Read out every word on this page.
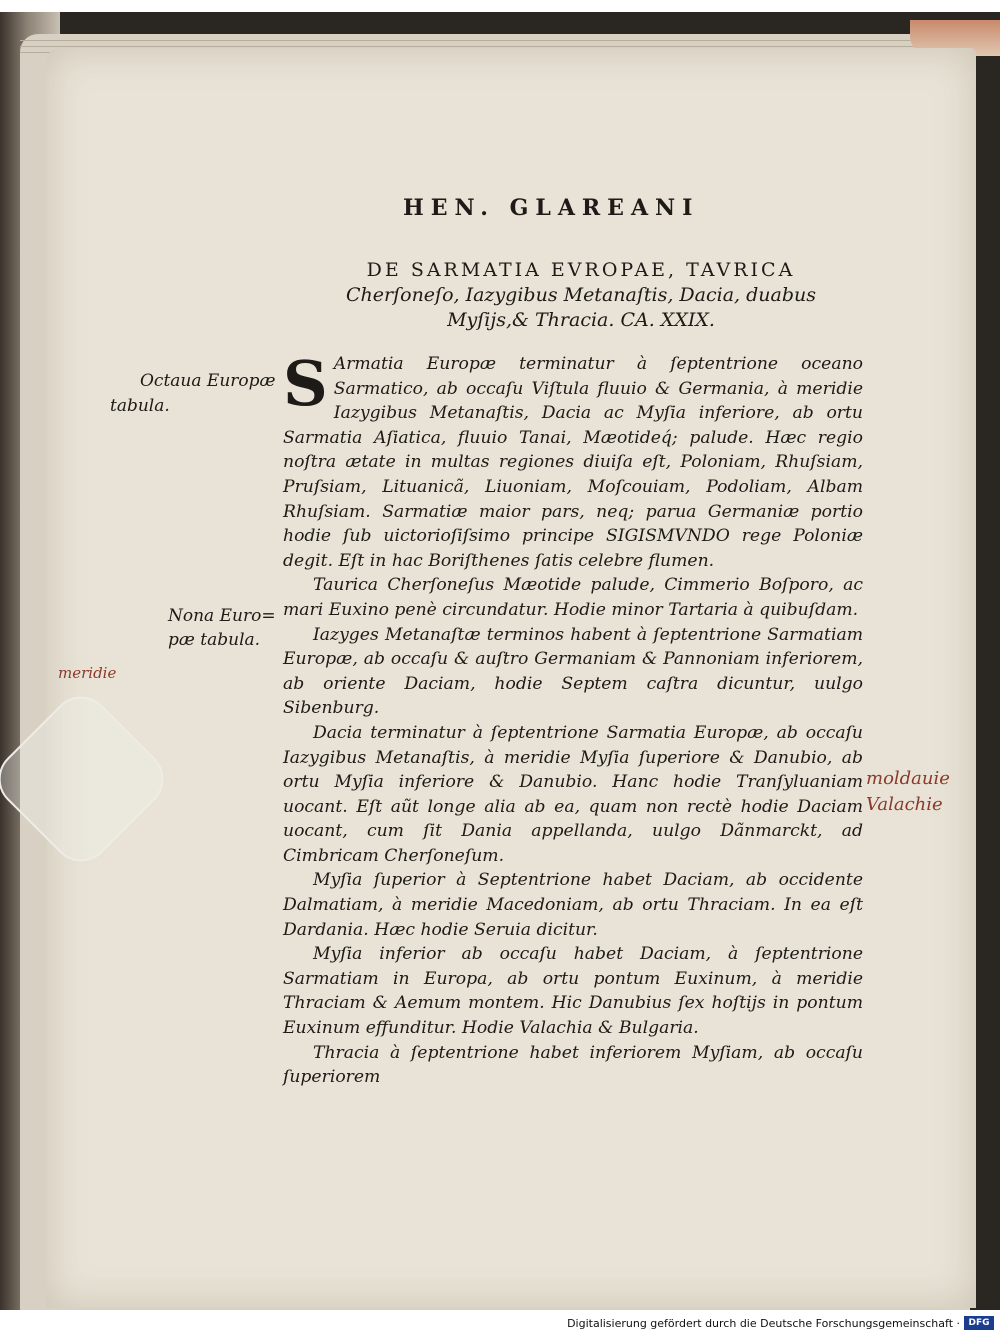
HEN. GLAREANI
DE SARMATIA EVROPAE, TAVRICA
Cherſoneſo, Iazygibus Metanaſtis, Dacia, duabus
Myſijs,& Thracia. CA. XXIX.
Octaua Europæ
tabula.
Nona Euro=
pæ tabula.
meridie
moldauie
Valachie

S Armatia Europæ terminatur à ſeptentrione oceano Sarmatico, ab occaſu Viſtula fluuio & Germania, à meridie Iazygibus Metanaſtis, Dacia ac Myſia inferiore, ab ortu Sarmatia Aſiatica, fluuio Tanai, Mæotideq́; palude. Hæc regio noſtra ætate in multas regiones diuiſa eſt, Poloniam, Rhuſsiam, Pruſsiam, Lituanicã, Liuoniam, Moſcouiam, Podoliam, Albam Rhuſsiam. Sarmatiæ maior pars, neq; parua Germaniæ portio hodie ſub uictorioſiſsimo principe SIGISMVNDO rege Poloniæ degit. Eſt in hac Boriſthenes ſatis celebre flumen.

Taurica Cherſoneſus Mæotide palude, Cimmerio Boſporo, ac mari Euxino penè circundatur. Hodie minor Tartaria à quibuſdam.

Iazyges Metanaſtæ terminos habent à ſeptentrione Sarmatiam Europæ, ab occaſu & auſtro Germaniam & Pannoniam inferiorem, ab oriente Daciam, hodie Septem caſtra dicuntur, uulgo Sibenburg.

Dacia terminatur à ſeptentrione Sarmatia Europæ, ab occaſu Iazygibus Metanaſtis, à meridie Myſia ſuperiore & Danubio, ab ortu Myſia inferiore & Danubio. Hanc hodie Tranſyluaniam uocant. Eſt aũt longe alia ab ea, quam non rectè hodie Daciam uocant, cum ſit Dania appellanda, uulgo Dãnmarckt, ad Cimbricam Cherſoneſum.

Myſia ſuperior à Septentrione habet Daciam, ab occidente Dalmatiam, à meridie Macedoniam, ab ortu Thraciam. In ea eſt Dardania. Hæc hodie Seruia dicitur.

Myſia inferior ab occaſu habet Daciam, à ſeptentrione Sarmatiam in Europa, ab ortu pontum Euxinum, à meridie Thraciam & Aemum montem. Hic Danubius ſex hoſtijs in pontum Euxinum effunditur. Hodie Valachia & Bulgaria.

Thracia à ſeptentrione habet inferiorem Myſiam, ab occaſu ſuperiorem

Digitalisierung gefördert durch die Deutsche Forschungsgemeinschaft · DFG
